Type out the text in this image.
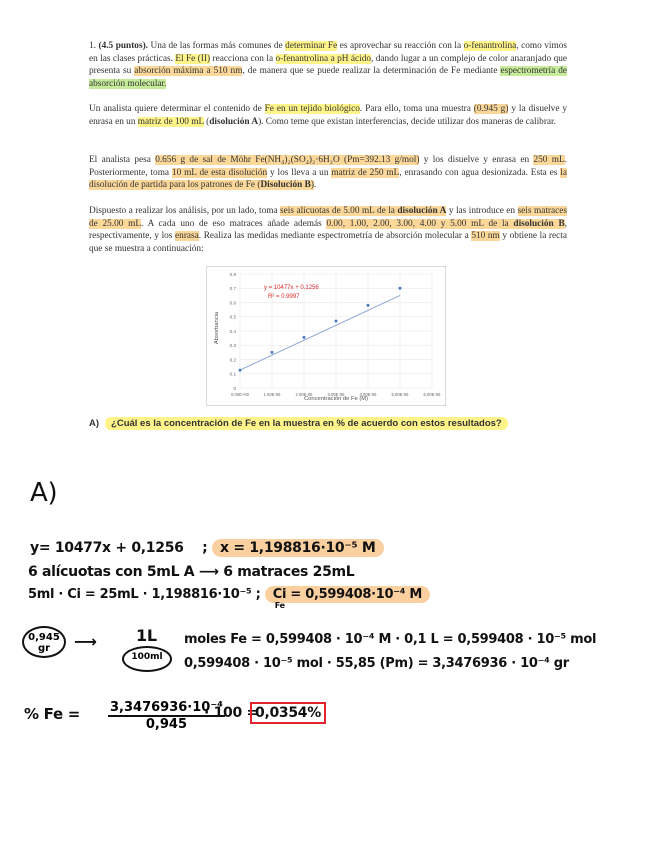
1. (4.5 puntos). Una de las formas más comunes de determinar Fe es aprovechar su reacción con la o-fenantrolina, como vimos en las clases prácticas. El Fe (II) reacciona con la o-fenantrolina a pH ácido, dando lugar a un complejo de color anaranjado que presenta su absorción máxima a 510 nm, de manera que se puede realizar la determinación de Fe mediante espectrometría de absorción molecular.

Un analista quiere determinar el contenido de Fe en un tejido biológico. Para ello, toma una muestra (0.945 g) y la disuelve y enrasa en un matriz de 100 mL (disolución A). Como teme que existan interferencias, decide utilizar dos maneras de calibrar.

El analista pesa 0.656 g de sal de Möhr Fe(NH₄)₂(SO₄)₂·6H₂O (Pm=392.13 g/mol) y los disuelve y enrasa en 250 mL. Posteriormente, toma 10 mL de esta disolución y los lleva a un matriz de 250 mL, enrasando con agua desionizada. Esta es la disolución de partida para los patrones de Fe (Disolución B).

Dispuesto a realizar los análisis, por un lado, toma seis alícuotas de 5.00 mL de la disolución A y las introduce en seis matraces de 25.00 mL. A cada uno de eso matraces añade además 0.00, 1.00, 2.00, 3.00, 4.00 y 5.00 mL de la disolución B, respectivamente, y los enrasa. Realiza las medidas mediante espectrometría de absorción molecular a 510 nm y obtiene la recta que se muestra a continuación:

0
0.1
0.2
0.3
0.4
0.5
0.6
0.7
0.8
0.00E+00	1.00E-05	2.00E-05	3.00E-05	4.00E-05	5.00E-05	6.00E-05
y = 10477x + 0.1256
R² = 0.9997
Concentración de Fe (M)
Absorbancia
A) ¿Cuál es la concentración de Fe en la muestra en % de acuerdo con estos resultados?
A)
y= 10477x + 0,1256 ; x = 1,198816·10⁻⁵ M
6 alícuotas con 5mL A ⟶ 6 matraces 25mL
5ml · Ci = 25mL · 1,198816·10⁻⁵ ; Ci = 0,599408·10⁻⁴ M
Fe
0,945 gr	⟶ 1L
100ml
moles Fe = 0,599408 · 10⁻⁴ M · 0,1 L = 0,599408 · 10⁻⁵ mol
0,599408 · 10⁻⁵ mol · 55,85 (Pm) = 3,3476936 · 10⁻⁴ gr
% $Fe = \frac{\text{3,3476936·10⁻⁴}}{0,945}$
· 100 =
0,0354%
